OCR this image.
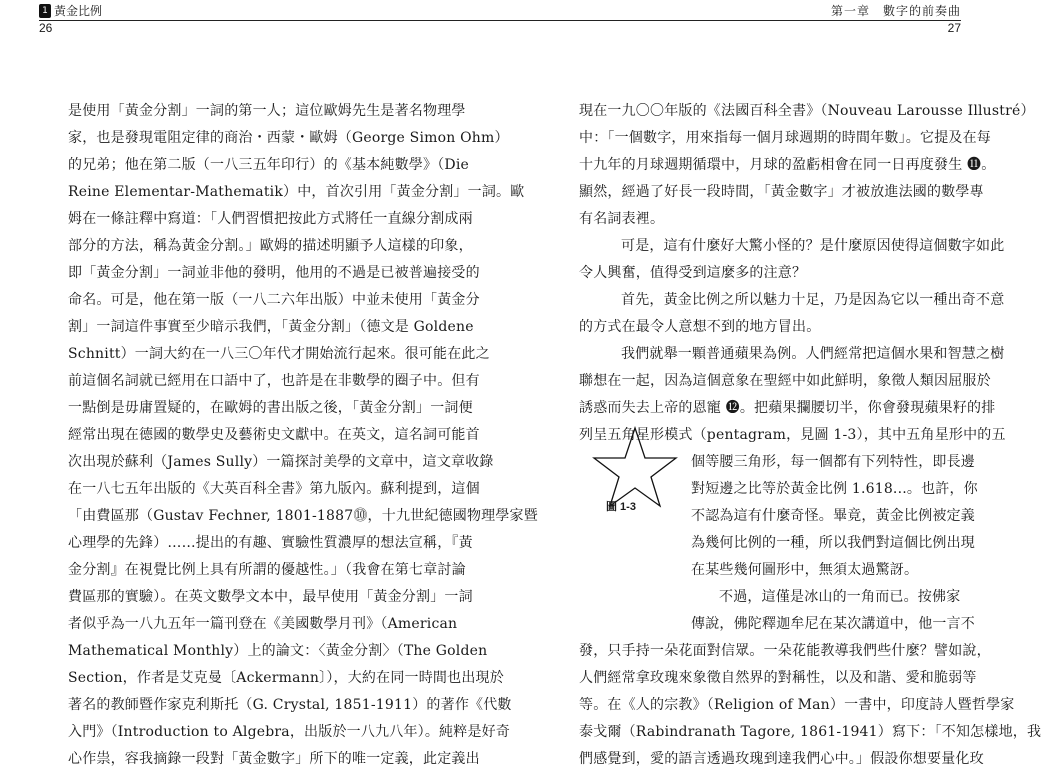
1 黃金比例
26
是使用「黃金分割」一詞的第一人；這位歐姆先生是著名物理學
家，也是發現電阻定律的商治・西蒙・歐姆（George Simon Ohm）
的兄弟；他在第二版（一八三五年印行）的《基本純數學》（Die
Reine Elementar-Mathematik）中，首次引用「黃金分割」一詞。歐
姆在一條註釋中寫道：「人們習慣把按此方式將任一直線分割成兩
部分的方法，稱為黃金分割。」歐姆的描述明顯予人這樣的印象，
即「黃金分割」一詞並非他的發明，他用的不過是已被普遍接受的
命名。可是，他在第一版（一八二六年出版）中並未使用「黃金分
割」一詞這件事實至少暗示我們，「黃金分割」（德文是 Goldene
Schnitt）一詞大約在一八三〇年代才開始流行起來。很可能在此之
前這個名詞就已經用在口語中了，也許是在非數學的圈子中。但有
一點倒是毋庸置疑的，在歐姆的書出版之後，「黃金分割」一詞便
經常出現在德國的數學史及藝術史文獻中。在英文，這名詞可能首
次出現於蘇利（James Sully）一篇探討美學的文章中，這文章收錄
在一八七五年出版的《大英百科全書》第九版內。蘇利提到，這個
「由費區那（Gustav Fechner, 1801-1887⓾，十九世紀德國物理學家暨
心理學的先鋒）……提出的有趣、實驗性質濃厚的想法宣稱，『黃
金分割』在視覺比例上具有所謂的優越性。」（我會在第七章討論
費區那的實驗）。在英文數學文本中，最早使用「黃金分割」一詞
者似乎為一八九五年一篇刊登在《美國數學月刊》（American
Mathematical Monthly）上的論文：〈黃金分割〉（The Golden
Section，作者是艾克曼〔Ackermann〕），大約在同一時間也出現於
著名的教師暨作家克利斯托（G. Crystal, 1851-1911）的著作《代數
入門》（Introduction to Algebra，出版於一八九八年）。純粹是好奇
心作祟，容我摘錄一段對「黃金數字」所下的唯一定義，此定義出
第一章　數字的前奏曲
27
現在一九〇〇年版的《法國百科全書》（Nouveau Larousse Illustré）
中：「一個數字，用來指每一個月球週期的時間年數」。它提及在每
十九年的月球週期循環中，月球的盈虧相會在同一日再度發生 ⓫。
顯然，經過了好長一段時間，「黃金數字」才被放進法國的數學專
有名詞表裡。
可是，這有什麼好大驚小怪的？是什麼原因使得這個數字如此
令人興奮，值得受到這麼多的注意？
首先，黃金比例之所以魅力十足，乃是因為它以一種出奇不意
的方式在最令人意想不到的地方冒出。
我們就舉一顆普通蘋果為例。人們經常把這個水果和智慧之樹
聯想在一起，因為這個意象在聖經中如此鮮明，象徵人類因屈服於
誘惑而失去上帝的恩寵 ⓬。把蘋果攔腰切半，你會發現蘋果籽的排
列呈五角星形模式（pentagram，見圖 1-3），其中五角星形中的五
圖 1-3
個等腰三角形，每一個都有下列特性，即長邊
對短邊之比等於黃金比例 1.618...。也許，你
不認為這有什麼奇怪。畢竟，黃金比例被定義
為幾何比例的一種，所以我們對這個比例出現
在某些幾何圖形中，無須太過驚訝。
不過，這僅是冰山的一角而已。按佛家
傳說，佛陀釋迦牟尼在某次講道中，他一言不
發，只手持一朵花面對信眾。一朵花能教導我們些什麼？譬如說，
人們經常拿玫瑰來象徵自然界的對稱性，以及和諧、愛和脆弱等
等。在《人的宗教》（Religion of Man）一書中，印度詩人暨哲學家
泰戈爾（Rabindranath Tagore, 1861-1941）寫下：「不知怎樣地，我
們感覺到，愛的語言透過玫瑰到達我們心中。」假設你想要量化玫
